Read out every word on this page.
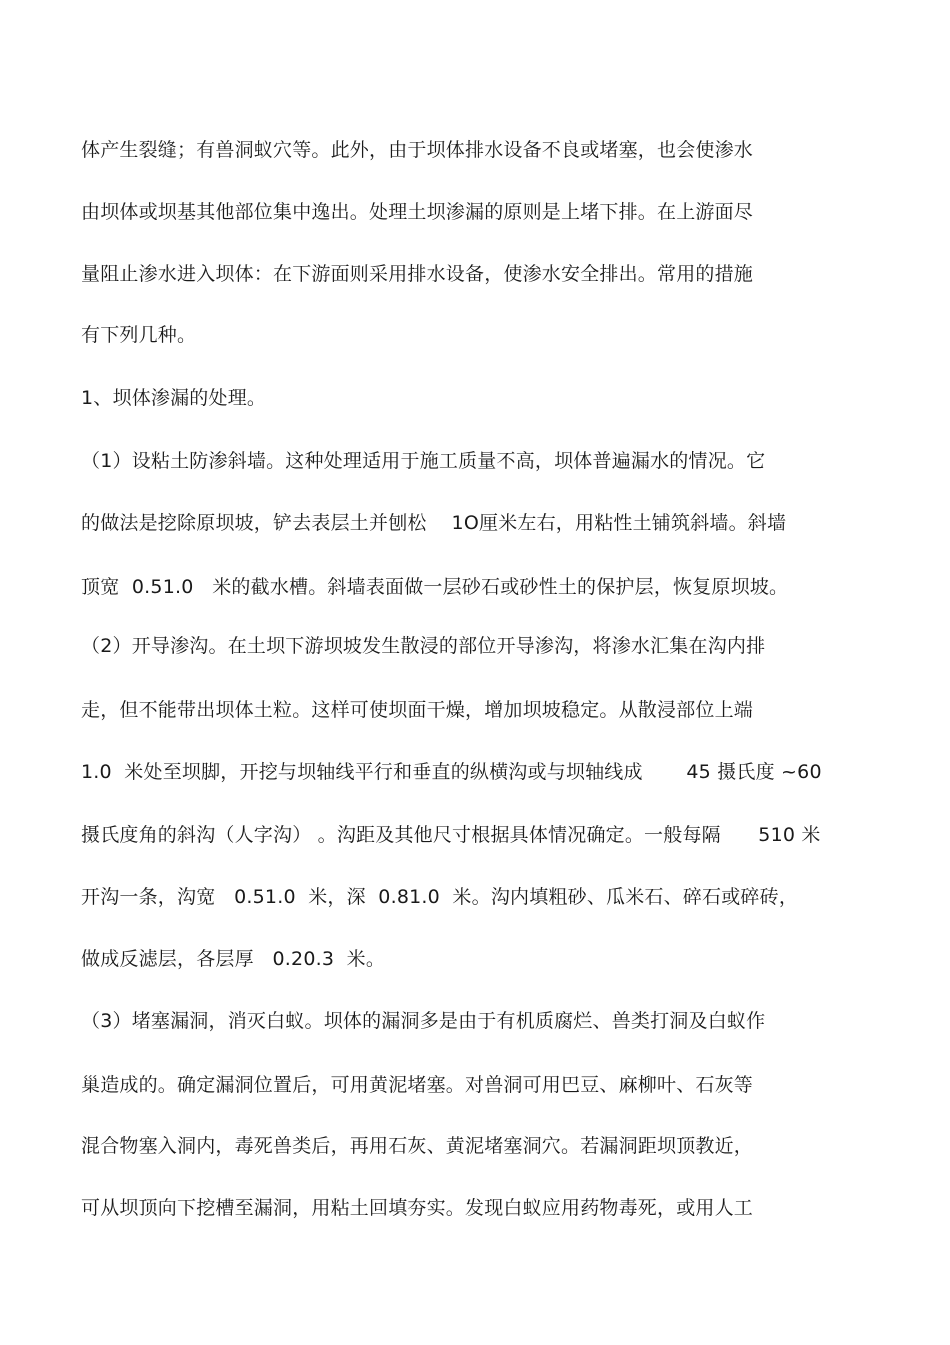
体产生裂缝；有兽洞蚁穴等。此外，由于坝体排水设备不良或堵塞，也会使渗水
由坝体或坝基其他部位集中逸出。处理土坝渗漏的原则是上堵下排。在上游面尽
量阻止渗水进入坝体：在下游面则采用排水设备，使渗水安全排出。常用的措施
有下列几种。
1、坝体渗漏的处理。
（1）设粘土防渗斜墙。这种处理适用于施工质量不高，坝体普遍漏水的情况。它
的做法是挖除原坝坡，铲去表层土并刨松    1O厘米左右，用粘性土铺筑斜墙。斜墙
顶宽  0.51.0   米的截水槽。斜墙表面做一层砂石或砂性土的保护层，恢复原坝坡。
（2）开导渗沟。在土坝下游坝坡发生散浸的部位开导渗沟，将渗水汇集在沟内排
走，但不能带出坝体土粒。这样可使坝面干燥，增加坝坡稳定。从散浸部位上端
1.0  米处至坝脚，开挖与坝轴线平行和垂直的纵横沟或与坝轴线成       45 摄氏度 ~60
摄氏度角的斜沟（人字沟） 。沟距及其他尺寸根据具体情况确定。一般每隔      510 米
开沟一条，沟宽   0.51.0  米，深  0.81.0  米。沟内填粗砂、瓜米石、碎石或碎砖，
做成反滤层，各层厚   0.20.3  米。
（3）堵塞漏洞，消灭白蚁。坝体的漏洞多是由于有机质腐烂、兽类打洞及白蚁作
巢造成的。确定漏洞位置后，可用黄泥堵塞。对兽洞可用巴豆、麻柳叶、石灰等
混合物塞入洞内，毒死兽类后，再用石灰、黄泥堵塞洞穴。若漏洞距坝顶教近，
可从坝顶向下挖槽至漏洞，用粘土回填夯实。发现白蚁应用药物毒死，或用人工
